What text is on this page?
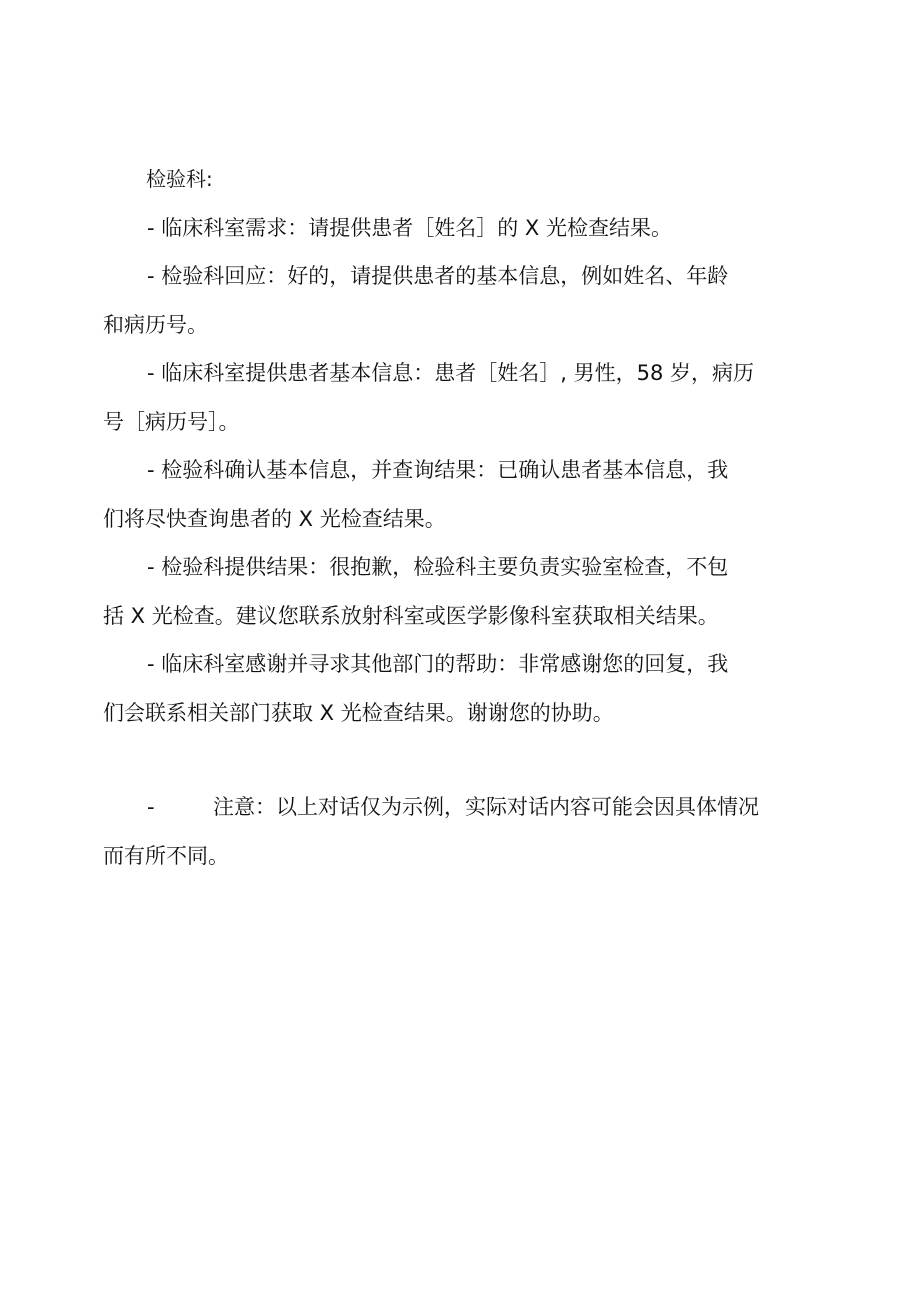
检验科:
- 临床科室需求：请提供患者［姓名］的 X 光检查结果。
- 检验科回应：好的，请提供患者的基本信息，例如姓名、年龄
和病历号。
- 临床科室提供患者基本信息：患者［姓名］, 男性，58 岁，病历
号［病历号］。
- 检验科确认基本信息，并查询结果：已确认患者基本信息，我
们将尽快查询患者的 X 光检查结果。
- 检验科提供结果：很抱歉，检验科主要负责实验室检查，不包
括 X 光检查。建议您联系放射科室或医学影像科室获取相关结果。
- 临床科室感谢并寻求其他部门的帮助：非常感谢您的回复，我
们会联系相关部门获取 X 光检查结果。谢谢您的协助。
-	注意：以上对话仅为示例，实际对话内容可能会因具体情况
而有所不同。
